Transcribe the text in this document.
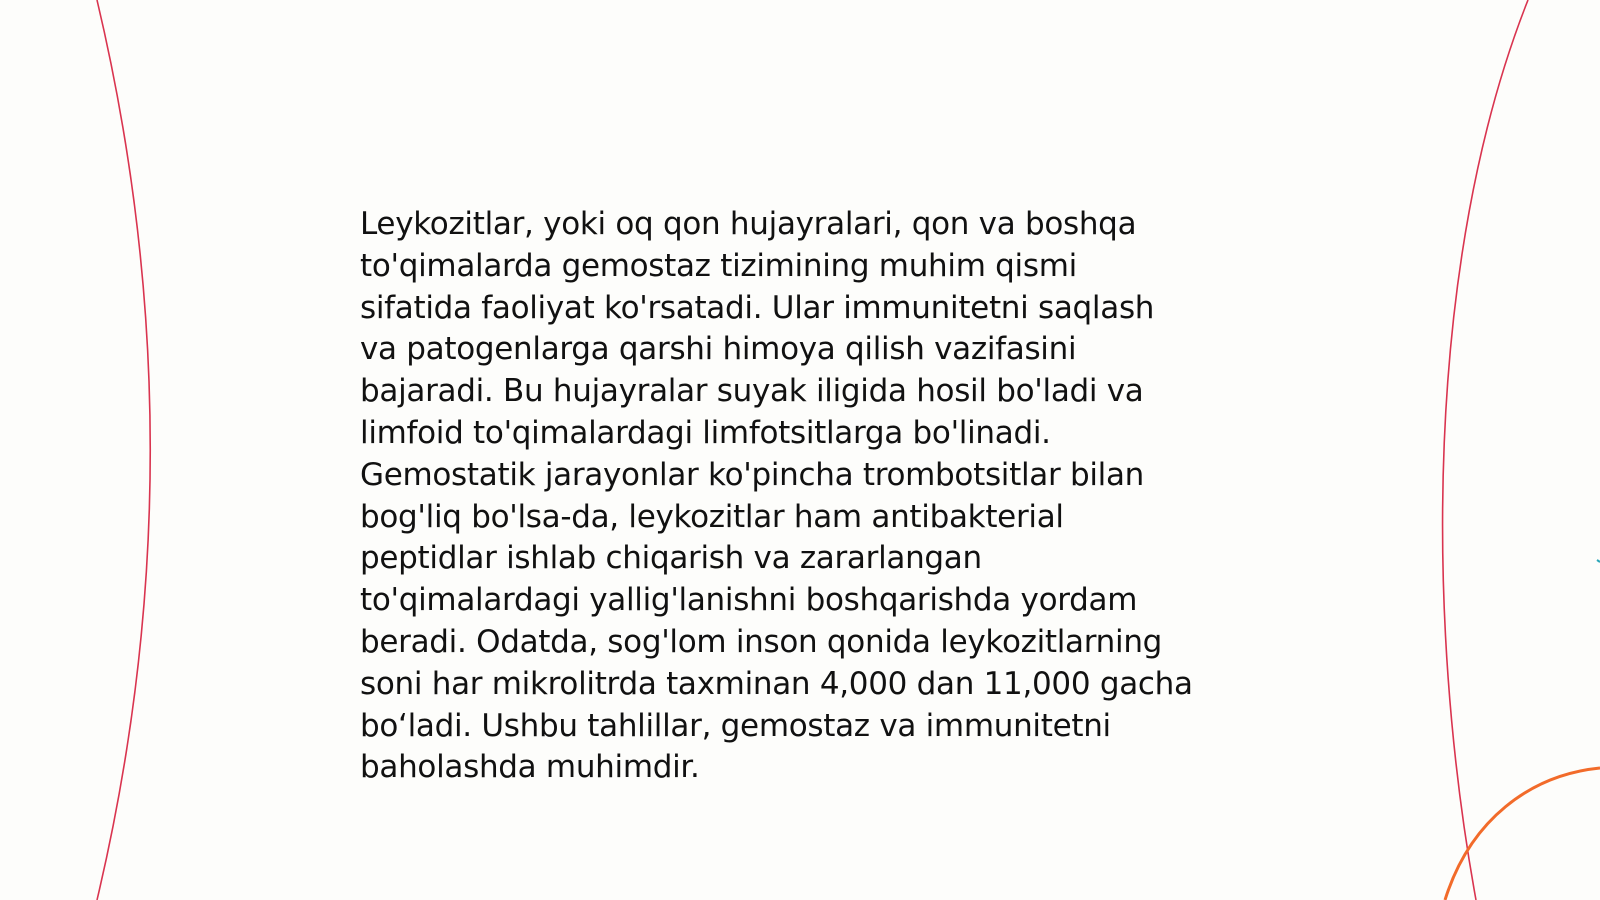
Leykozitlar, yoki oq qon hujayralari, qon va boshqa
to'qimalarda gemostaz tizimining muhim qismi
sifatida faoliyat ko'rsatadi. Ular immunitetni saqlash
va patogenlarga qarshi himoya qilish vazifasini
bajaradi. Bu hujayralar suyak iligida hosil bo'ladi va
limfoid to'qimalardagi limfotsitlarga bo'linadi.
Gemostatik jarayonlar ko'pincha trombotsitlar bilan
bog'liq bo'lsa-da, leykozitlar ham antibakterial
peptidlar ishlab chiqarish va zararlangan
to'qimalardagi yallig'lanishni boshqarishda yordam
beradi. Odatda, sog'lom inson qonida leykozitlarning
soni har mikrolitrda taxminan 4,000 dan 11,000 gacha
bo‘ladi. Ushbu tahlillar, gemostaz va immunitetni
baholashda muhimdir.
